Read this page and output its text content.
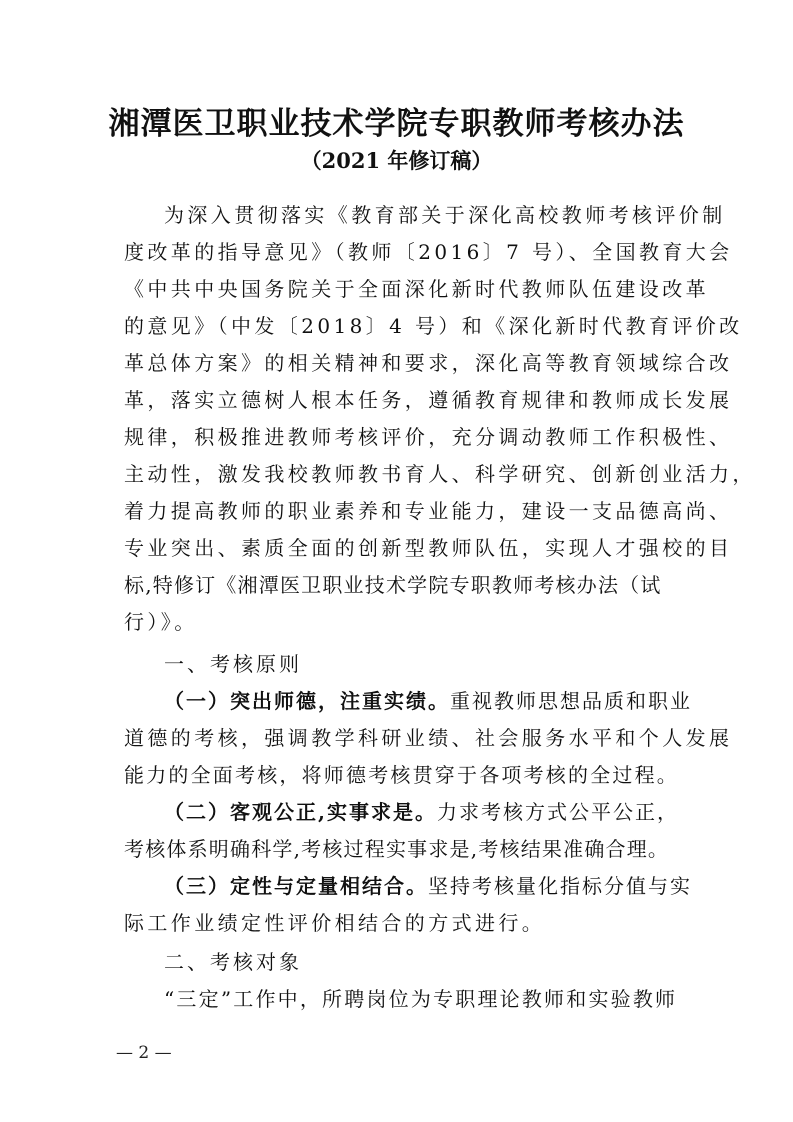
湘潭医卫职业技术学院专职教师考核办法
（2021 年修订稿）
为深入贯彻落实《教育部关于深化高校教师考核评价制
度改革的指导意见》（教师〔2016〕7 号）、全国教育大会
《中共中央国务院关于全面深化新时代教师队伍建设改革
的意见》（中发〔2018〕4 号）和《深化新时代教育评价改
革总体方案》的相关精神和要求，深化高等教育领域综合改
革，落实立德树人根本任务，遵循教育规律和教师成长发展
规律，积极推进教师考核评价，充分调动教师工作积极性、
主动性，激发我校教师教书育人、科学研究、创新创业活力，
着力提高教师的职业素养和专业能力，建设一支品德高尚、
专业突出、素质全面的创新型教师队伍，实现人才强校的目
标,特修订《湘潭医卫职业技术学院专职教师考核办法（试
行）》。
一、考核原则
（一）突出师德，注重实绩。重视教师思想品质和职业
道德的考核，强调教学科研业绩、社会服务水平和个人发展
能力的全面考核，将师德考核贯穿于各项考核的全过程。
（二）客观公正,实事求是。力求考核方式公平公正，
考核体系明确科学,考核过程实事求是,考核结果准确合理。
（三）定性与定量相结合。坚持考核量化指标分值与实
际工作业绩定性评价相结合的方式进行。
二、考核对象
“三定”工作中，所聘岗位为专职理论教师和实验教师
— 2 —
